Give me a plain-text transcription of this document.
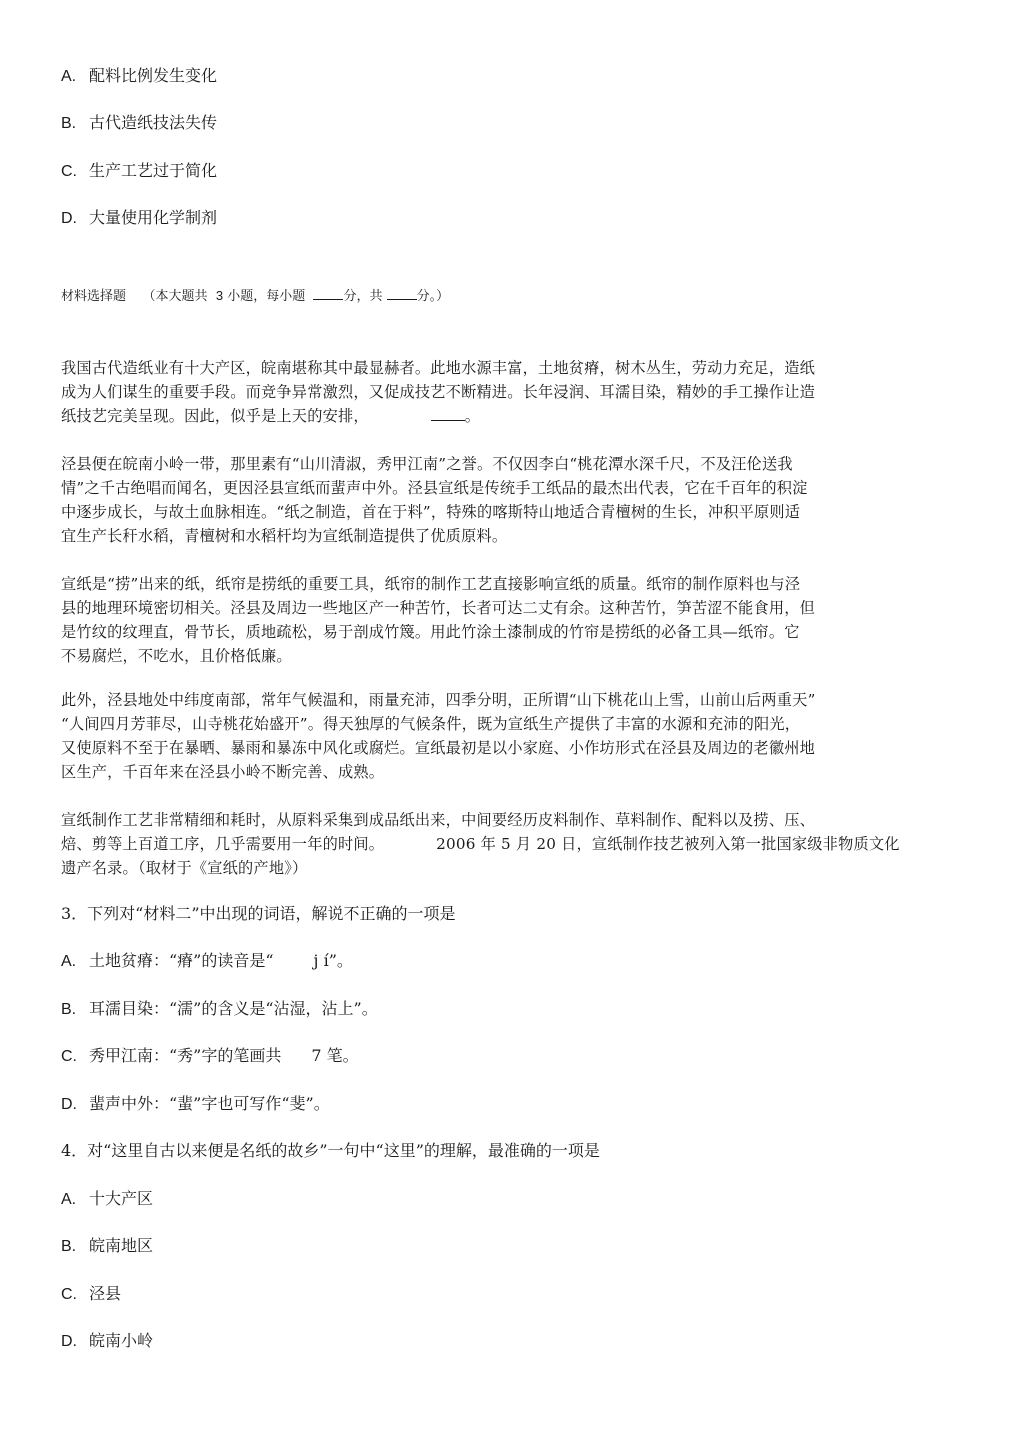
A. 配料比例发生变化
B. 古代造纸技法失传
C. 生产工艺过于简化
D. 大量使用化学制剂
材料选择题 （本大题共 3 小题，每小题	分，共	分。）
我国古代造纸业有十大产区，皖南堪称其中最显赫者。此地水源丰富，土地贫瘠，树木丛生，劳动力充足，造纸
成为人们谋生的重要手段。而竞争异常激烈，又促成技艺不断精进。长年浸润、耳濡目染，精妙的手工操作让造
纸技艺完美呈现。因此，似乎是上天的安排，	。
泾县便在皖南小岭一带，那里素有“山川清淑，秀甲江南”之誉。不仅因李白“桃花潭水深千尺，不及汪伦送我
情”之千古绝唱而闻名，更因泾县宣纸而蜚声中外。泾县宣纸是传统手工纸品的最杰出代表，它在千百年的积淀
中逐步成长，与故土血脉相连。“纸之制造，首在于料”，特殊的喀斯特山地适合青檀树的生长，冲积平原则适
宜生产长秆水稻，青檀树和水稻杆均为宣纸制造提供了优质原料。
宣纸是“捞”出来的纸，纸帘是捞纸的重要工具，纸帘的制作工艺直接影响宣纸的质量。纸帘的制作原料也与泾
县的地理环境密切相关。泾县及周边一些地区产一种苦竹，长者可达二丈有余。这种苦竹，笋苦涩不能食用，但
是竹纹的纹理直，骨节长，质地疏松，易于剖成竹篾。用此竹涂土漆制成的竹帘是捞纸的必备工具—纸帘。它
不易腐烂，不吃水，且价格低廉。
此外，泾县地处中纬度南部，常年气候温和，雨量充沛，四季分明，正所谓“山下桃花山上雪，山前山后两重天”
“人间四月芳菲尽，山寺桃花始盛开”。得天独厚的气候条件，既为宣纸生产提供了丰富的水源和充沛的阳光，
又使原料不至于在暴晒、暴雨和暴冻中风化或腐烂。宣纸最初是以小家庭、小作坊形式在泾县及周边的老徽州地
区生产，千百年来在泾县小岭不断完善、成熟。
宣纸制作工艺非常精细和耗时，从原料采集到成品纸出来，中间要经历皮料制作、草料制作、配料以及捞、压、
焙、剪等上百道工序，几乎需要用一年的时间。	2006 年 5 月 20 日，宣纸制作技艺被列入第一批国家级非物质文化
遗产名录。（取材于《宣纸的产地》）
3．下列对“材料二”中出现的词语，解说不正确的一项是
A. 土地贫瘠：“瘠”的读音是“	j í”。
B. 耳濡目染：“濡”的含义是“沾湿，沾上”。
C. 秀甲江南：“秀”字的笔画共 7 笔。
D. 蜚声中外：“蜚”字也可写作“斐”。
4．对“这里自古以来便是名纸的故乡”一句中“这里”的理解，最准确的一项是
A. 十大产区
B. 皖南地区
C. 泾县
D. 皖南小岭
